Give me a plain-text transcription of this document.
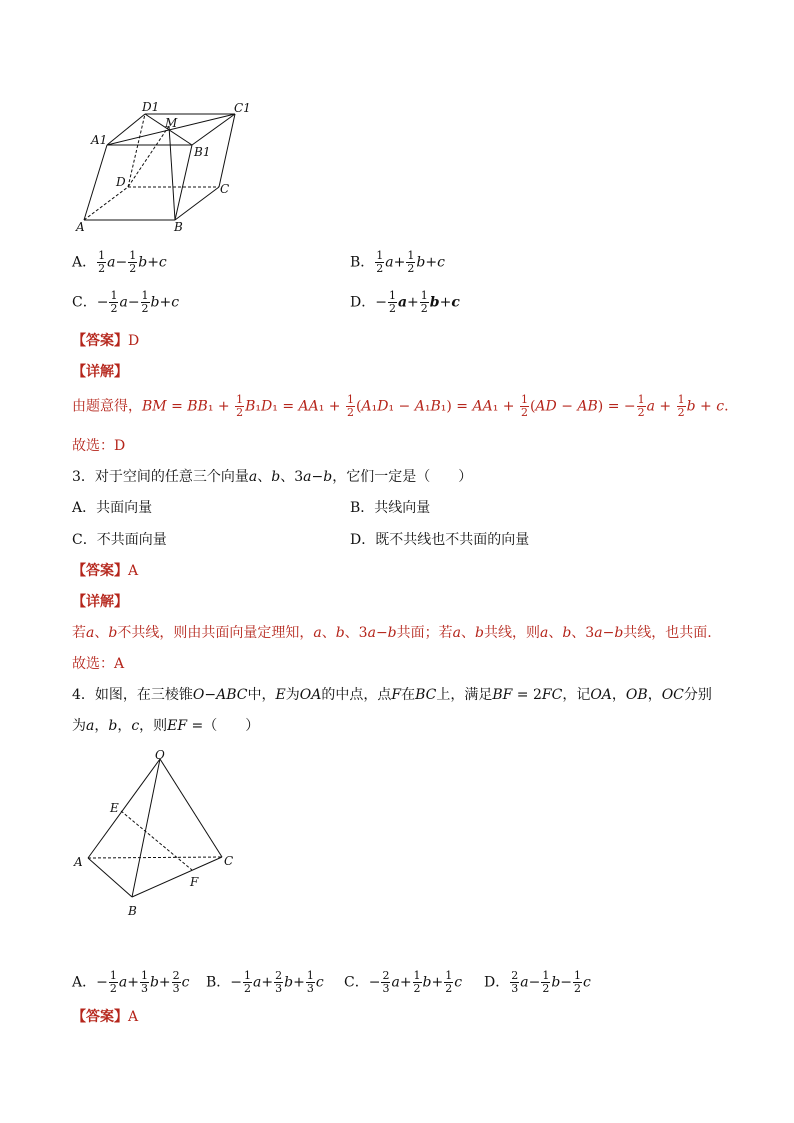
D1	C1
A1
M
B1
D	C
A	B
A． $\frac{1}{2} a- \frac{1}{2} b+c$	B． $\frac{1}{2} a+ \frac{1}{2} b+c$
C．− $\frac{1}{2} a- \frac{1}{2} b+c$	D．− $\frac{1}{2} a+ \frac{1}{2} b+c$
【答案】D
【详解】
由题意得，BM = $BB_1 + \frac{1}{2} B_1D_1 = AA_1 + \frac{1}{2} (A_1D_1 - A_1B_1) = AA_1 + \frac{1}{2} (AD - AB)$ = − $\frac{1}{2}$ $a + \frac{1}{2}$ b + c.
故选：D
3．对于空间的任意三个向量a、b、3a−b，它们一定是（　　）
A．共面向量	B．共线向量
C．不共面向量	D．既不共线也不共面的向量
【答案】A
【详解】
若a、b不共线，则由共面向量定理知，a、b、3a−b共面；若a、b共线，则a、b、3a−b共线，也共面.
故选：A
4．如图，在三棱锥O−ABC中，E为OA的中点，点F在BC上，满足BF = 2FC，记OA，OB，OC分别
为a，b，c，则EF =（　　）
O
E
A	C
F
B
A．− $\frac{1}{2} a+ \frac{1}{3} b+ \frac{2}{3}$ c B．− $\frac{1}{2} a+ \frac{2}{3} b+ \frac{1}{3}$ c C．− $\frac{2}{3} a+ \frac{1}{2} b+ \frac{1}{2}$ c D． $\frac{2}{3} a- \frac{1}{2} b- \frac{1}{2}$ c
【答案】A
